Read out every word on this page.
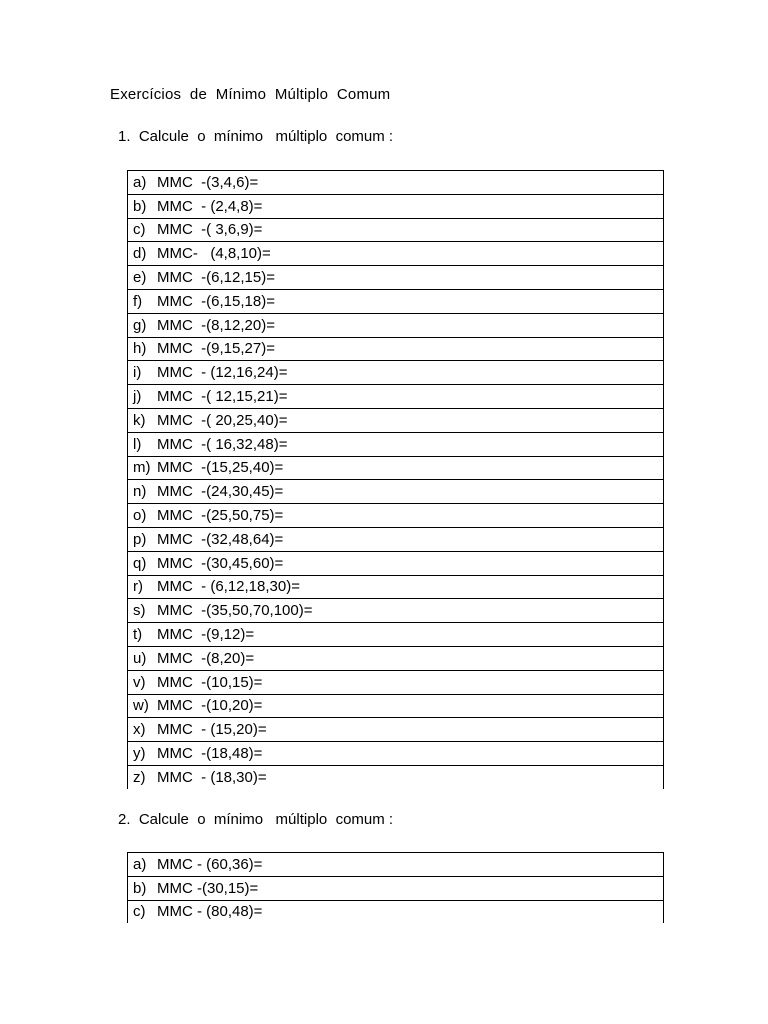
Exercícios  de  Mínimo  Múltiplo  Comum
1.  Calcule  o  mínimo   múltiplo  comum :
a) MMC  -(3,4,6)=
b) MMC  - (2,4,8)=
c) MMC  -( 3,6,9)=
d) MMC-   (4,8,10)=
e) MMC  -(6,12,15)=
f) MMC  -(6,15,18)=
g) MMC  -(8,12,20)=
h) MMC  -(9,15,27)=
i)	MMC  - (12,16,24)=
j)	MMC  -( 12,15,21)=
k) MMC  -( 20,25,40)=
l)	MMC  -( 16,32,48)=
m) MMC  -(15,25,40)=
n) MMC  -(24,30,45)=
o) MMC  -(25,50,75)=
p) MMC  -(32,48,64)=
q) MMC  -(30,45,60)=
r) MMC  - (6,12,18,30)=
s) MMC  -(35,50,70,100)=
t) MMC  -(9,12)=
u) MMC  -(8,20)=
v) MMC  -(10,15)=
w) MMC  -(10,20)=
x) MMC  - (15,20)=
y) MMC  -(18,48)=
z) MMC  - (18,30)=
2.  Calcule  o  mínimo   múltiplo  comum :
a) MMC - (60,36)=
b) MMC -(30,15)=
c) MMC - (80,48)=
